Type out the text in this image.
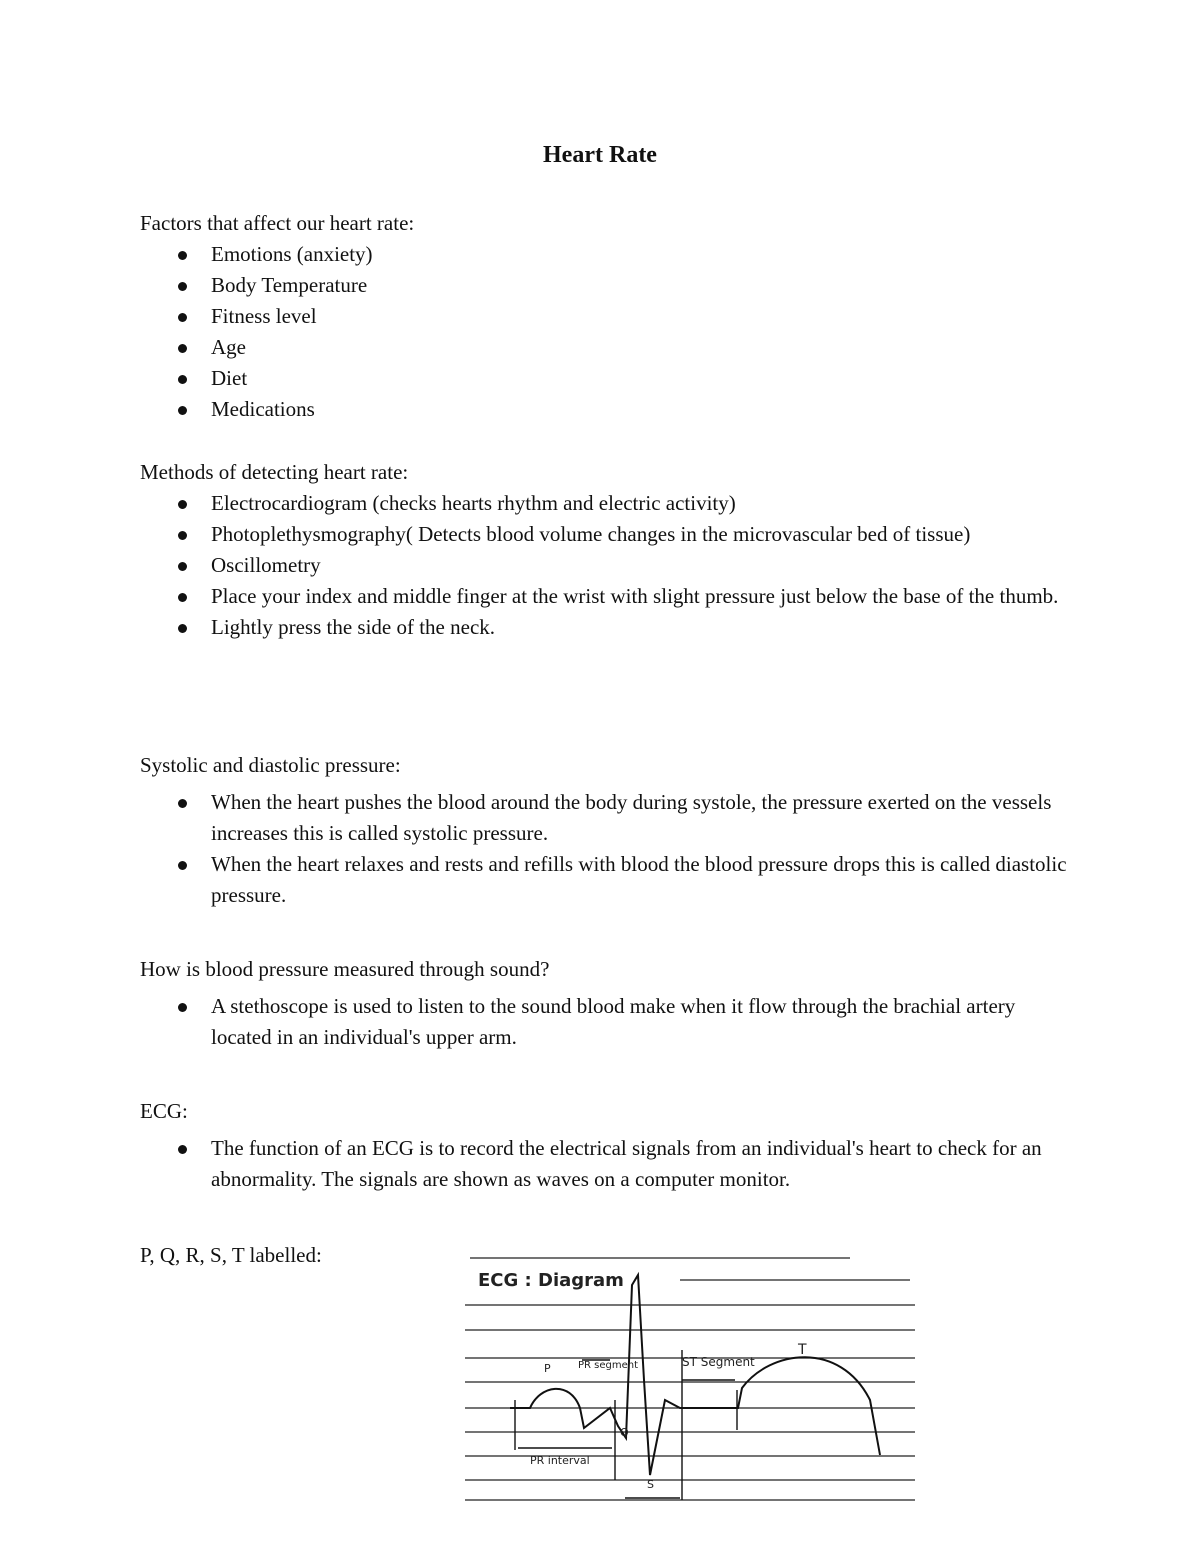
Heart Rate
Factors that affect our heart rate:
Emotions (anxiety)
Body Temperature
Fitness level
Age
Diet
Medications
Methods of detecting heart rate:
Electrocardiogram (checks hearts rhythm and electric activity)
Photoplethysmography( Detects blood volume changes in the microvascular bed of tissue)
Oscillometry
Place your index and middle finger at the wrist with slight pressure just below the base of the thumb.
Lightly press the side of the neck.
Systolic and diastolic pressure:
When the heart pushes the blood around the body during systole, the pressure exerted on the vessels increases this is called systolic pressure.
When the heart relaxes and rests and refills with blood the blood pressure drops this is called diastolic pressure.
How is blood pressure measured through sound?
A stethoscope is used to listen to the sound blood make when it flow through the brachial artery located in an individual's upper arm.
ECG:
The function of an ECG is to record the electrical signals from an individual's heart to check for an abnormality. The signals are shown as waves on a computer monitor.
P, Q, R, S, T labelled:
ECG : Diagram
P	PR segment	ST Segment
T
Q
PR interval
S
